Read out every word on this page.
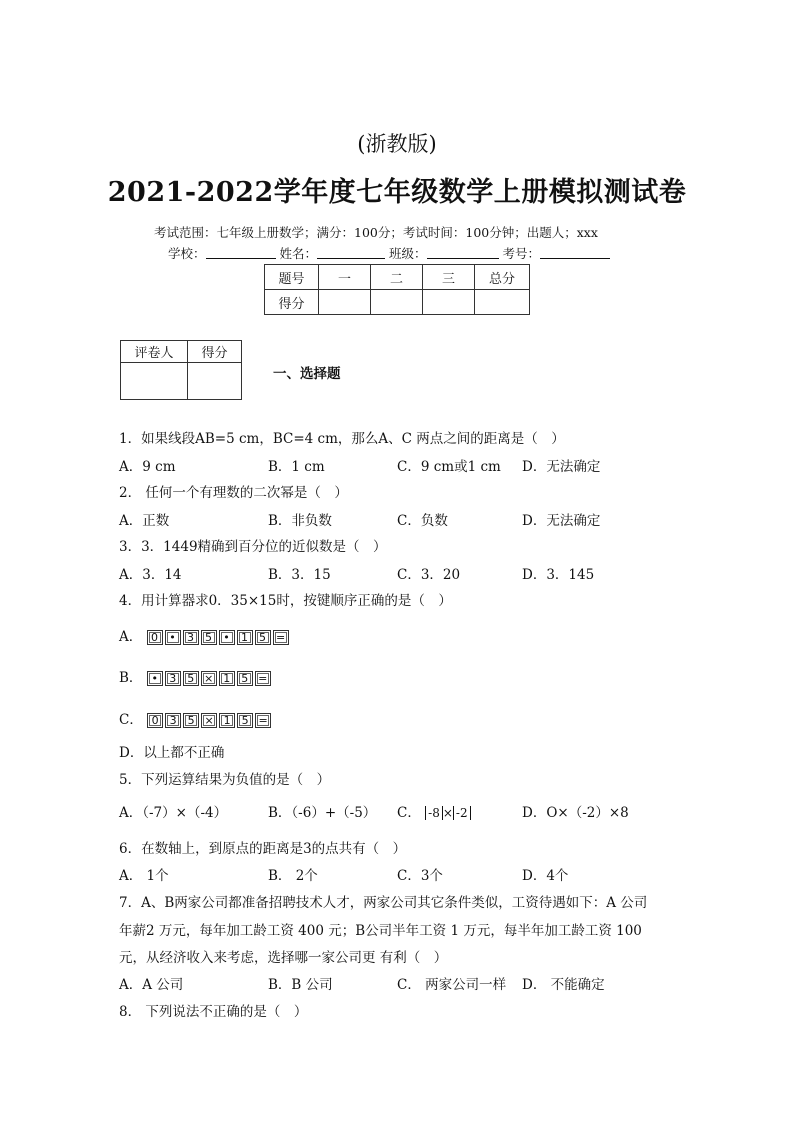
(浙教版)
2021-2022学年度七年级数学上册模拟测试卷
考试范围：七年级上册数学；满分：100分；考试时间：100分钟；出题人；xxx
学校：	姓名：	班级：	考号：
题号	一	二	三	总分
得分				
评卷人	得分

一、选择题
1．如果线段AB=5 cm，BC=4 cm，那么A、C 两点之间的距离是（　）
A．9 cm	B．1 cm	C．9 cm或1 cm D．无法确定
2． 任何一个有理数的二次幂是（　）
A．正数	B．非负数	C．负数	D．无法确定
3．3．1449精确到百分位的近似数是（　）
A．3．14	B．3．15	C．3．20	D．3．145
4．用计算器求0．35×15时，按键顺序正确的是（　）
A． 0	•	3	5	•	1	5 =
B． •	3	5 × 1	5 =
C． 0	3	5 × 1	5 =
D．以上都不正确
5．下列运算结果为负值的是（　）
A．（-7）×（-4）	B．（-6）+（-5） C． -8 × -2	D．O×（-2）×8
6．在数轴上，到原点的距离是3的点共有（　）
A． 1个	B． 2个	C．3个	D．4个
7．A、B两家公司都准备招聘技术人才，两家公司其它条件类似，工资待遇如下：A 公司
年薪2 万元，每年加工龄工资 400 元；B公司半年工资 1 万元，每半年加工龄工资 100
元，从经济收入来考虑，选择哪一家公司更 有利（　）
A．A 公司	B．B 公司	C． 两家公司一样 D． 不能确定
8． 下列说法不正确的是（　）
